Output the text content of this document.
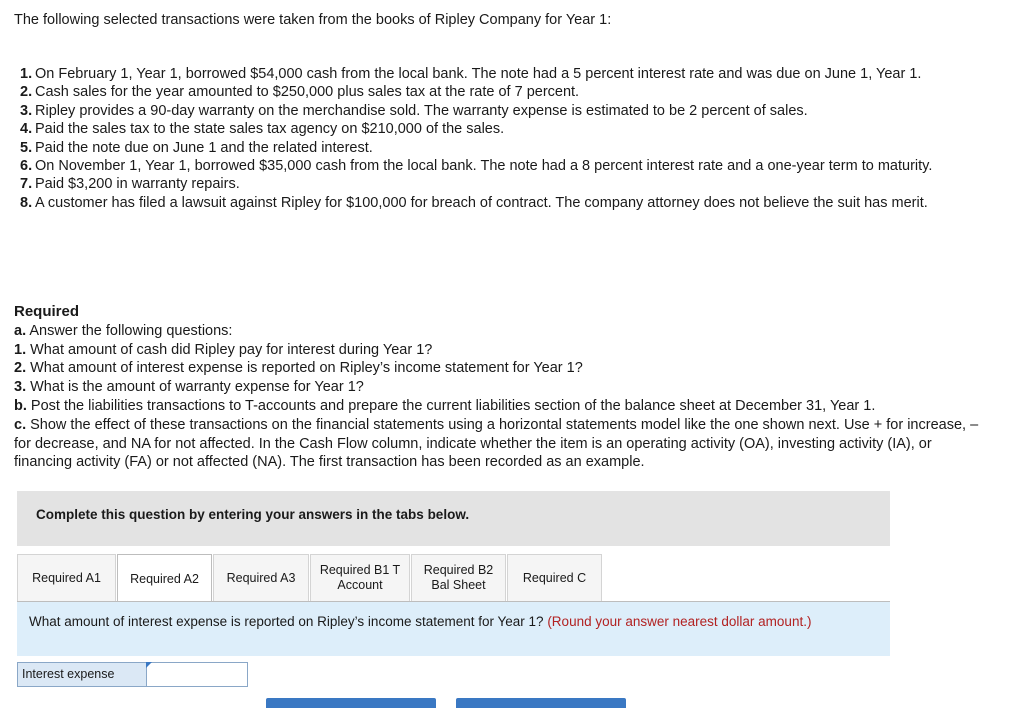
The following selected transactions were taken from the books of Ripley Company for Year 1:
1. On February 1, Year 1, borrowed $54,000 cash from the local bank. The note had a 5 percent interest rate and was due on June 1, Year 1.
2. Cash sales for the year amounted to $250,000 plus sales tax at the rate of 7 percent.
3. Ripley provides a 90-day warranty on the merchandise sold. The warranty expense is estimated to be 2 percent of sales.
4. Paid the sales tax to the state sales tax agency on $210,000 of the sales.
5. Paid the note due on June 1 and the related interest.
6. On November 1, Year 1, borrowed $35,000 cash from the local bank. The note had a 8 percent interest rate and a one-year term to maturity.
7. Paid $3,200 in warranty repairs.
8. A customer has filed a lawsuit against Ripley for $100,000 for breach of contract. The company attorney does not believe the suit has merit.
Required
a. Answer the following questions:
1. What amount of cash did Ripley pay for interest during Year 1?
2. What amount of interest expense is reported on Ripley’s income statement for Year 1?
3. What is the amount of warranty expense for Year 1?
b. Post the liabilities transactions to T-accounts and prepare the current liabilities section of the balance sheet at December 31, Year 1.
c. Show the effect of these transactions on the financial statements using a horizontal statements model like the one shown next. Use + for increase, – for decrease, and NA for not affected. In the Cash Flow column, indicate whether the item is an operating activity (OA), investing activity (IA), or financing activity (FA) or not affected (NA). The first transaction has been recorded as an example.
Complete this question by entering your answers in the tabs below.
Required A1 Required A2 Required A3
Required B1 T
Account
Required B2
Bal Sheet
Required C
What amount of interest expense is reported on Ripley’s income statement for Year 1? (Round your answer nearest dollar amount.)
Interest expense
